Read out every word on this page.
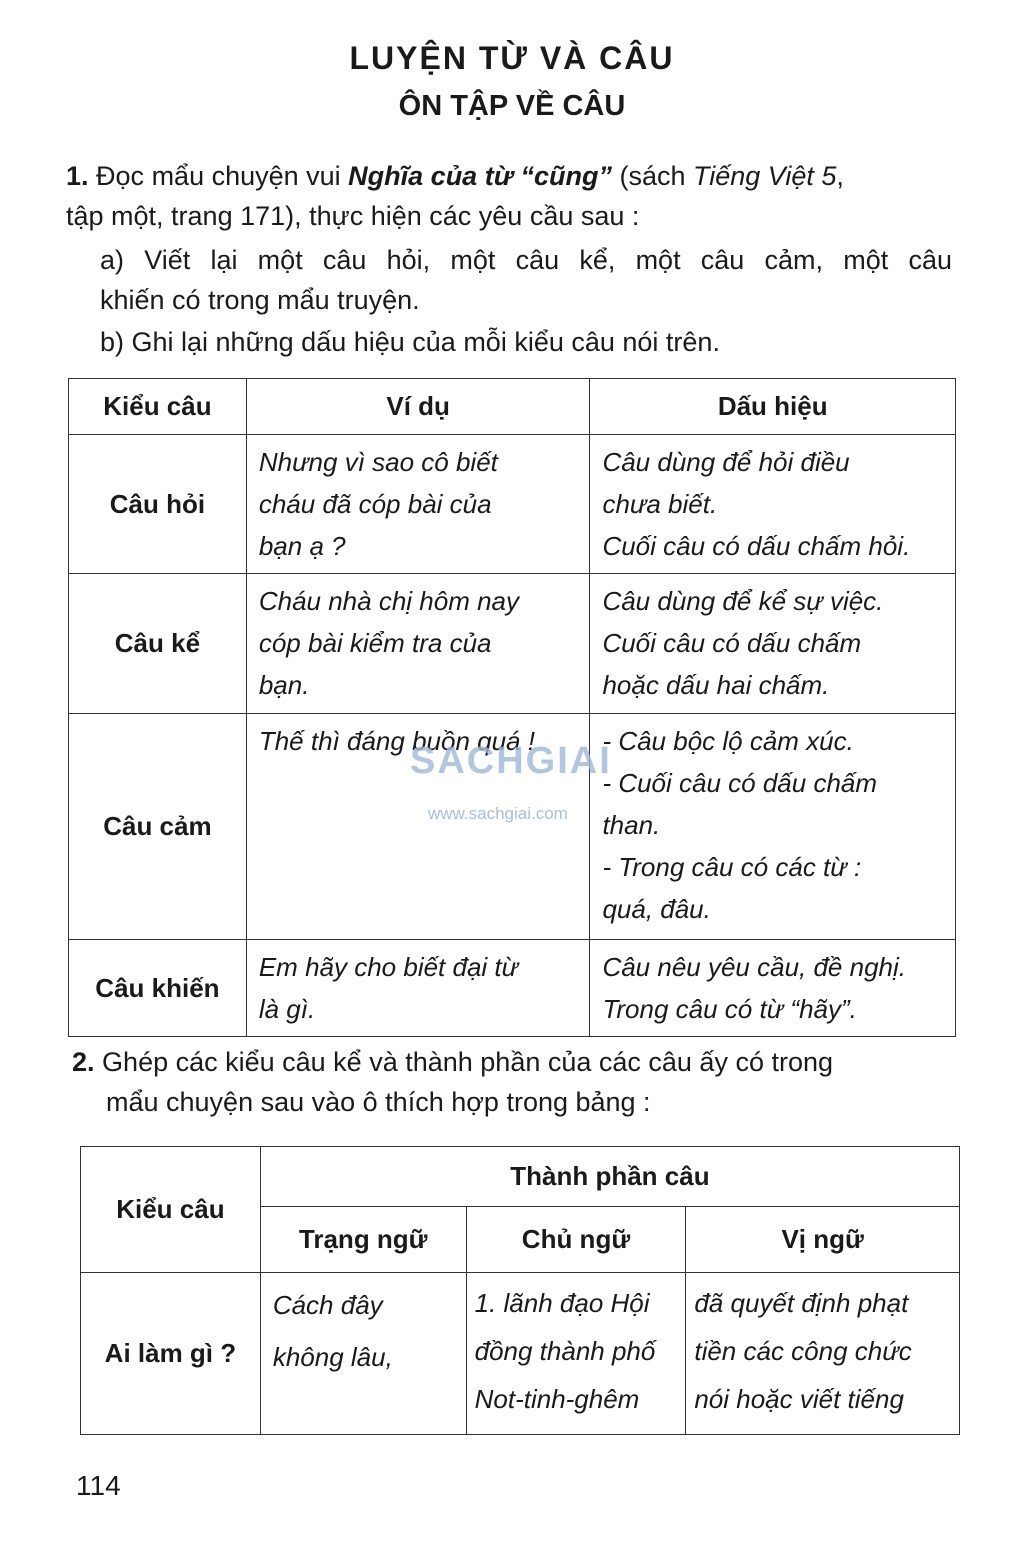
LUYỆN TỪ VÀ CÂU
ÔN TẬP VỀ CÂU
1. Đọc mẩu chuyện vui Nghĩa của từ “cũng” (sách Tiếng Việt 5,
tập một, trang 171), thực hiện các yêu cầu sau :
a) Viết lại một câu hỏi, một câu kể, một câu cảm, một câu
khiến có trong mẩu truyện.
b) Ghi lại những dấu hiệu của mỗi kiểu câu nói trên.
Kiểu câu	Ví dụ	Dấu hiệu
Câu hỏi	Nhưng vì sao cô biết
cháu đã cóp bài của
bạn ạ ?	Câu dùng để hỏi điều
chưa biết.
Cuối câu có dấu chấm hỏi.

Câu kể	Cháu nhà chị hôm nay
cóp bài kiểm tra của
bạn.	Câu dùng để kể sự việc.
Cuối câu có dấu chấm
hoặc dấu hai chấm.

Câu cảm	Thế thì đáng buồn quá !	- Câu bộc lộ cảm xúc.
- Cuối câu có dấu chấm
than.
- Trong câu có các từ :
quá, đâu.

Câu khiến	Em hãy cho biết đại từ
là gì.	Câu nêu yêu cầu, đề nghị.
Trong câu có từ “hãy”.
SACHGIAI
www.sachgiai.com
2. Ghép các kiểu câu kể và thành phần của các câu ấy có trong
mẩu chuyện sau vào ô thích hợp trong bảng :
Kiểu câu	Thành phần câu		
	Trạng ngữ	Chủ ngữ	Vị ngữ
Ai làm gì ?	Cách đây
không lâu,	1. lãnh đạo Hội
đồng thành phố
Not-tinh-ghêm	đã quyết định phạt
tiền các công chức
nói hoặc viết tiếng
114
